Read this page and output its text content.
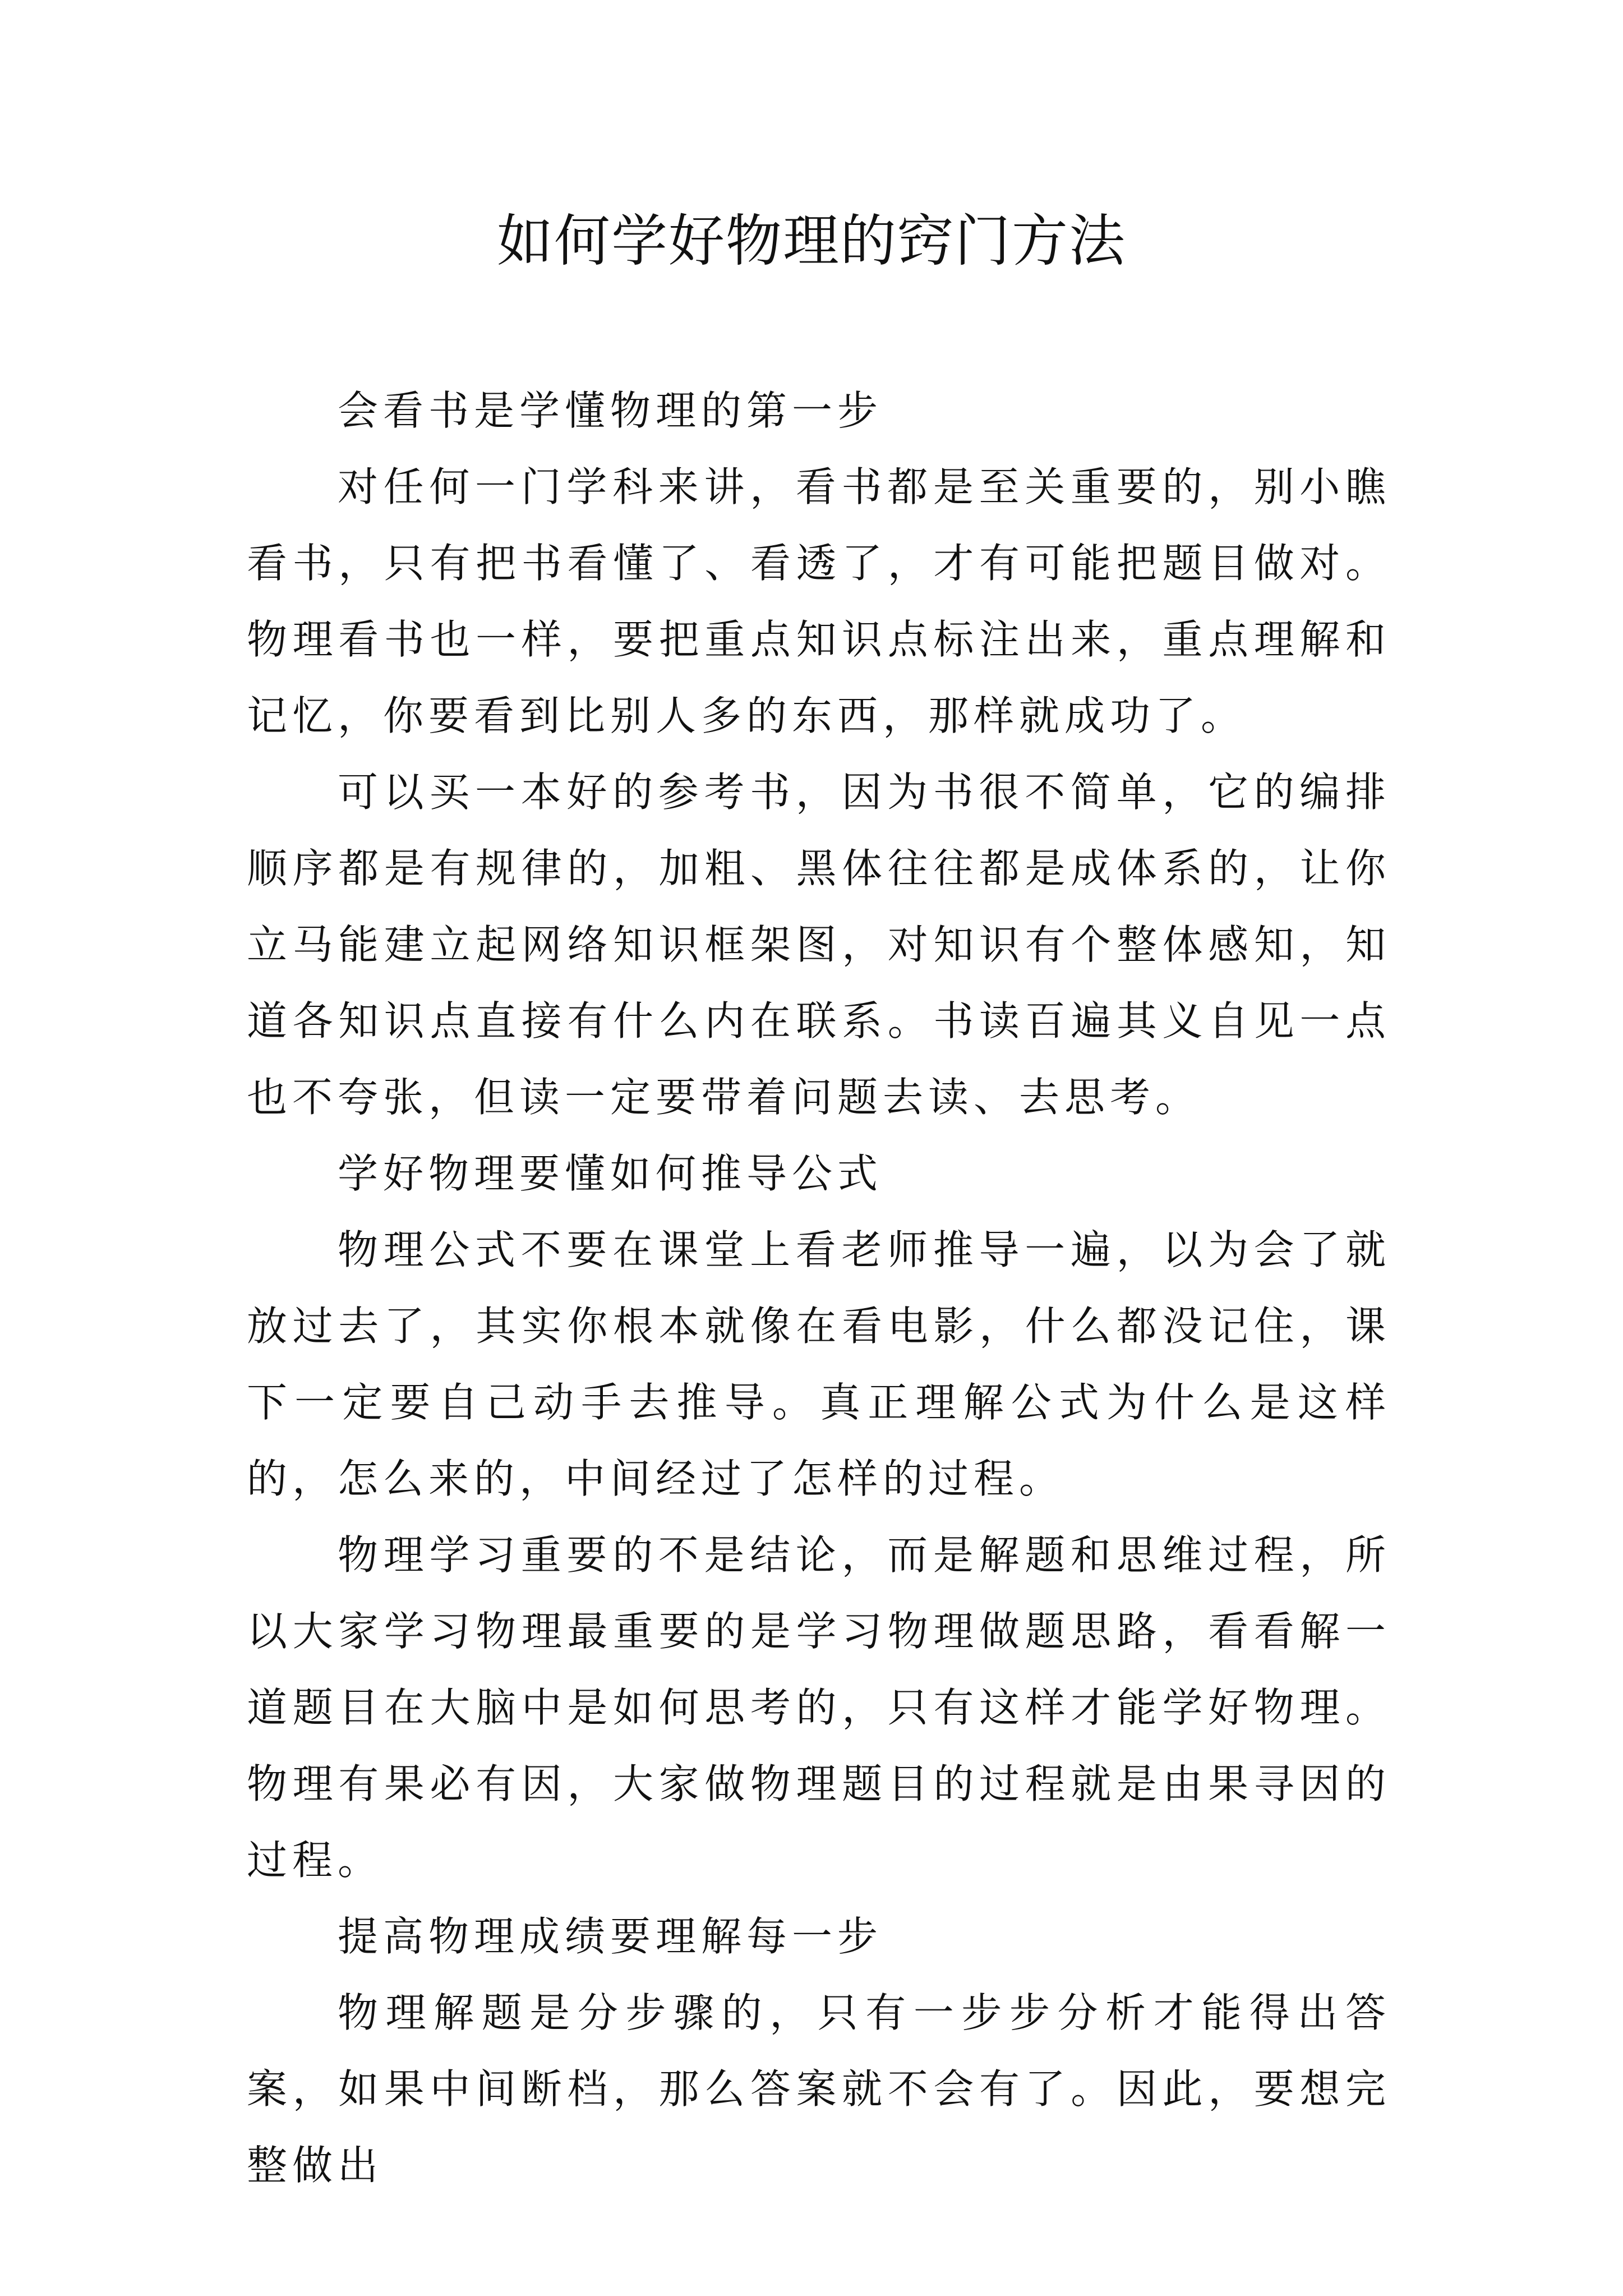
如何学好物理的窍门方法

会看书是学懂物理的第一步

对任何一门学科来讲，看书都是至关重要的，别小瞧看书，只有把书看懂了、看透了，才有可能把题目做对。物理看书也一样，要把重点知识点标注出来，重点理解和记忆，你要看到比别人多的东西，那样就成功了。

可以买一本好的参考书，因为书很不简单，它的编排顺序都是有规律的，加粗、黑体往往都是成体系的，让你立马能建立起网络知识框架图，对知识有个整体感知，知道各知识点直接有什么内在联系。书读百遍其义自见一点也不夸张，但读一定要带着问题去读、去思考。

学好物理要懂如何推导公式

物理公式不要在课堂上看老师推导一遍，以为会了就放过去了，其实你根本就像在看电影，什么都没记住，课下一定要自己动手去推导。真正理解公式为什么是这样的，怎么来的，中间经过了怎样的过程。

物理学习重要的不是结论，而是解题和思维过程，所以大家学习物理最重要的是学习物理做题思路，看看解一道题目在大脑中是如何思考的，只有这样才能学好物理。物理有果必有因，大家做物理题目的过程就是由果寻因的过程。

提高物理成绩要理解每一步

物理解题是分步骤的，只有一步步分析才能得出答案，如果中间断档，那么答案就不会有了。因此，要想完整做出
